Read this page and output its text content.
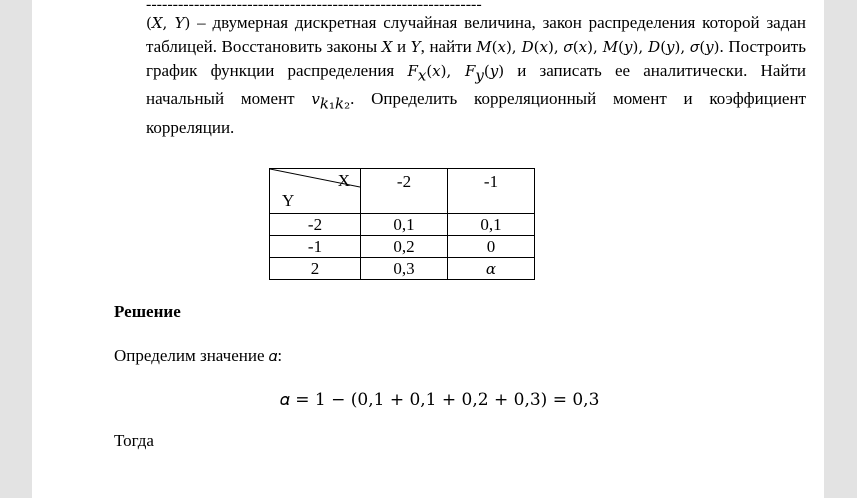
---------------------------------------------------------------
(𝑋, 𝑌) – двумерная дискретная случайная величина, закон распределения которой задан таблицей. Восстановить законы 𝑋 и 𝑌, найти 𝑀(𝑥), 𝐷(𝑥), 𝜎(𝑥), 𝑀(𝑦), 𝐷(𝑦), 𝜎(𝑦). Построить график функции распределения 𝐹$_𝑥$(𝑥), 𝐹$_𝑦$(𝑦) и записать ее аналитически. Найти начальный момент 𝑣$_{𝑘_1𝑘_2}$. Определить корреляционный момент и коэффициент корреляции.
X
Y	-2	-1
-2	0,1	0,1
-1	0,2	0
2	0,3	α
Решение
Определим значение 𝛼:
𝛼 = 1 − (0,1 + 0,1 + 0,2 + 0,3) = 0,3
Тогда
